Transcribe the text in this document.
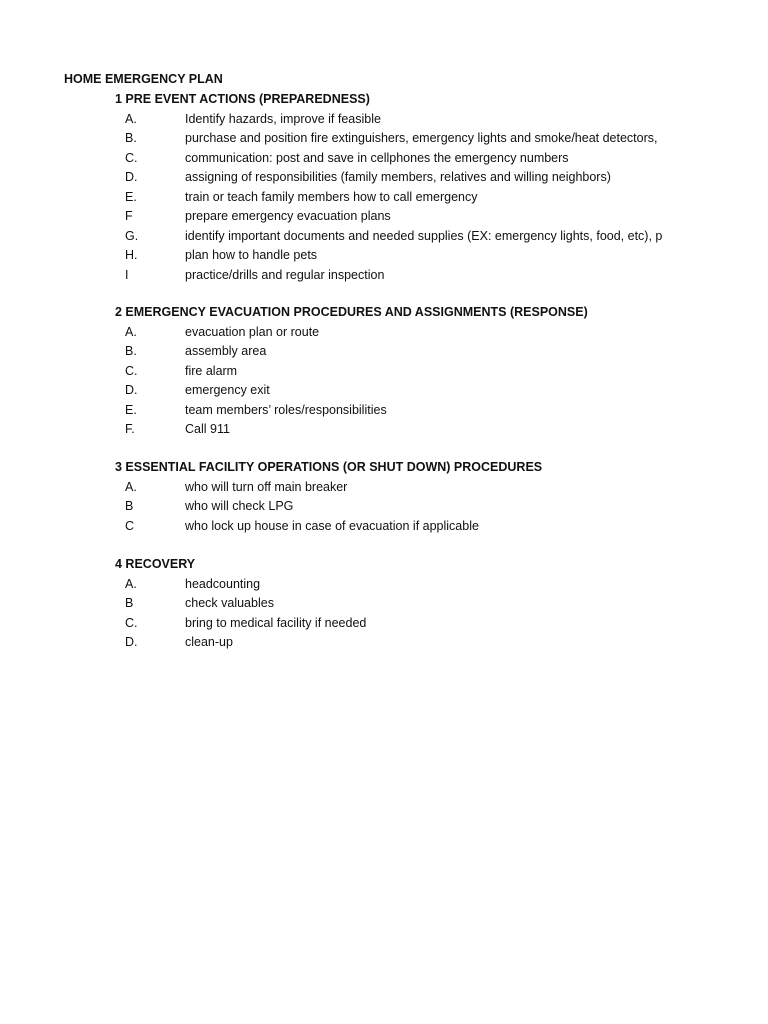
HOME EMERGENCY PLAN
1 PRE EVENT ACTIONS (PREPAREDNESS)
A.	Identify hazards, improve if feasible
B.	purchase and position fire extinguishers, emergency lights and smoke/heat detectors,
C.	communication: post and save in cellphones the emergency numbers
D.	assigning of responsibilities (family members, relatives and willing neighbors)
E.	train or teach family members how to call emergency
F	prepare emergency evacuation plans
G.	identify important documents and needed supplies (EX: emergency lights, food, etc), p
H.	plan how to handle pets
I	practice/drills and regular inspection
2 EMERGENCY EVACUATION PROCEDURES AND ASSIGNMENTS (RESPONSE)
A.	evacuation plan or route
B.	assembly area
C.	fire alarm
D.	emergency exit
E.	team members’ roles/responsibilities
F.	Call 911
3 ESSENTIAL FACILITY OPERATIONS (OR SHUT DOWN) PROCEDURES
A.	who will turn off main breaker
B	who will check LPG
C	who lock up house in case of evacuation if applicable
4 RECOVERY
A.	headcounting
B	check valuables
C.	bring to medical facility if needed
D.	clean-up
